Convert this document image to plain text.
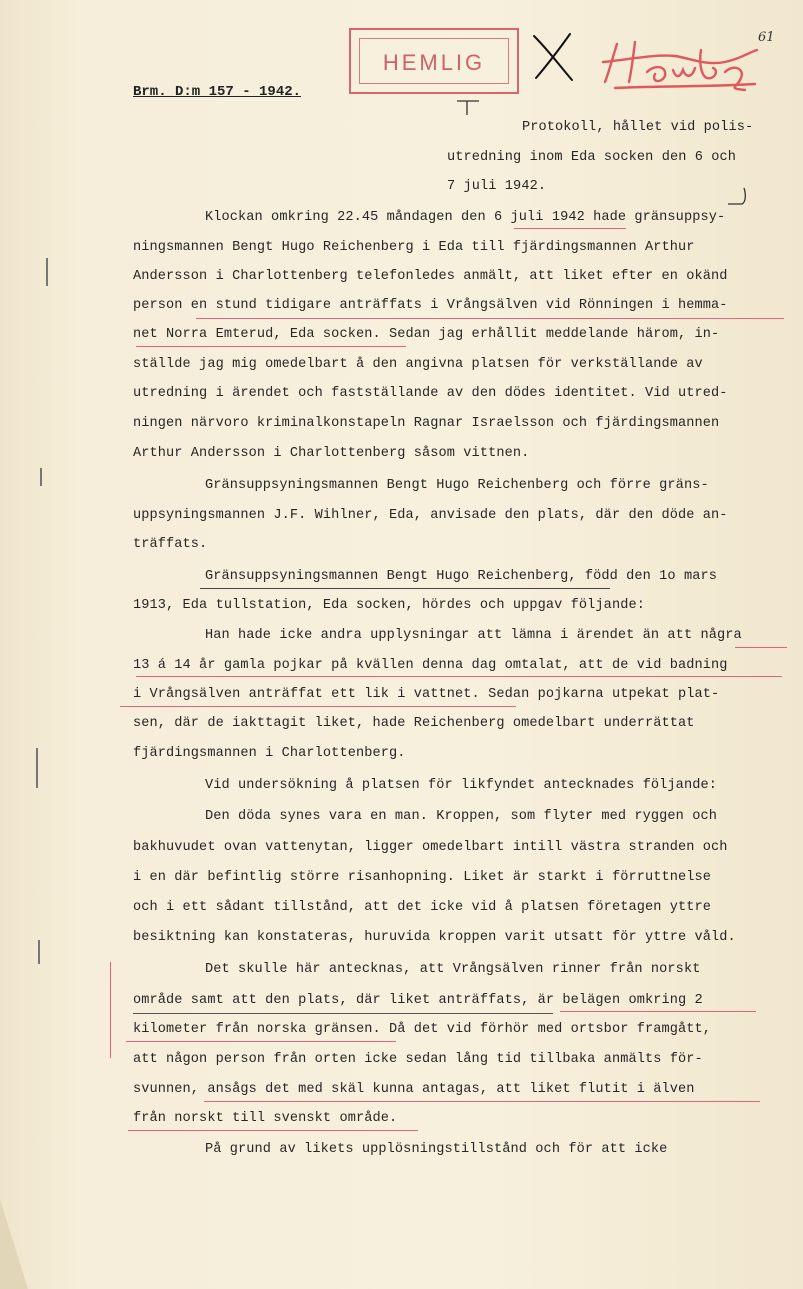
HEMLIG
61
Brm. D:m 157 - 1942.
Protokoll, hållet vid polis-
utredning inom Eda socken den 6 och
7 juli 1942.
Klockan omkring 22.45 måndagen den 6 juli 1942 hade gränsuppsy-
ningsmannen Bengt Hugo Reichenberg i Eda till fjärdingsmannen Arthur
Andersson i Charlottenberg telefonledes anmält, att liket efter en okänd
person en stund tidigare anträffats i Vrångsälven vid Rönningen i hemma-
net Norra Emterud, Eda socken. Sedan jag erhållit meddelande härom, in-
ställde jag mig omedelbart å den angivna platsen för verkställande av
utredning i ärendet och fastställande av den dödes identitet. Vid utred-
ningen närvoro kriminalkonstapeln Ragnar Israelsson och fjärdingsmannen
Arthur Andersson i Charlottenberg såsom vittnen.
Gränsuppsyningsmannen Bengt Hugo Reichenberg och förre gräns-
uppsyningsmannen J.F. Wihlner, Eda, anvisade den plats, där den döde an-
träffats.
Gränsuppsyningsmannen Bengt Hugo Reichenberg, född den 1o mars
1913, Eda tullstation, Eda socken, hördes och uppgav följande:
Han hade icke andra upplysningar att lämna i ärendet än att några
13 á 14 år gamla pojkar på kvällen denna dag omtalat, att de vid badning
i Vrångsälven anträffat ett lik i vattnet. Sedan pojkarna utpekat plat-
sen, där de iakttagit liket, hade Reichenberg omedelbart underrättat
fjärdingsmannen i Charlottenberg.
Vid undersökning å platsen för likfyndet antecknades följande:
Den döda synes vara en man. Kroppen, som flyter med ryggen och
bakhuvudet ovan vattenytan, ligger omedelbart intill västra stranden och
i en där befintlig större risanhopning. Liket är starkt i förruttnelse
och i ett sådant tillstånd, att det icke vid å platsen företagen yttre
besiktning kan konstateras, huruvida kroppen varit utsatt för yttre våld.
Det skulle här antecknas, att Vrångsälven rinner från norskt
område samt att den plats, där liket anträffats, är belägen omkring 2
kilometer från norska gränsen. Då det vid förhör med ortsbor framgått,
att någon person från orten icke sedan lång tid tillbaka anmälts för-
svunnen, ansågs det med skäl kunna antagas, att liket flutit i älven
från norskt till svenskt område.
På grund av likets upplösningstillstånd och för att icke
